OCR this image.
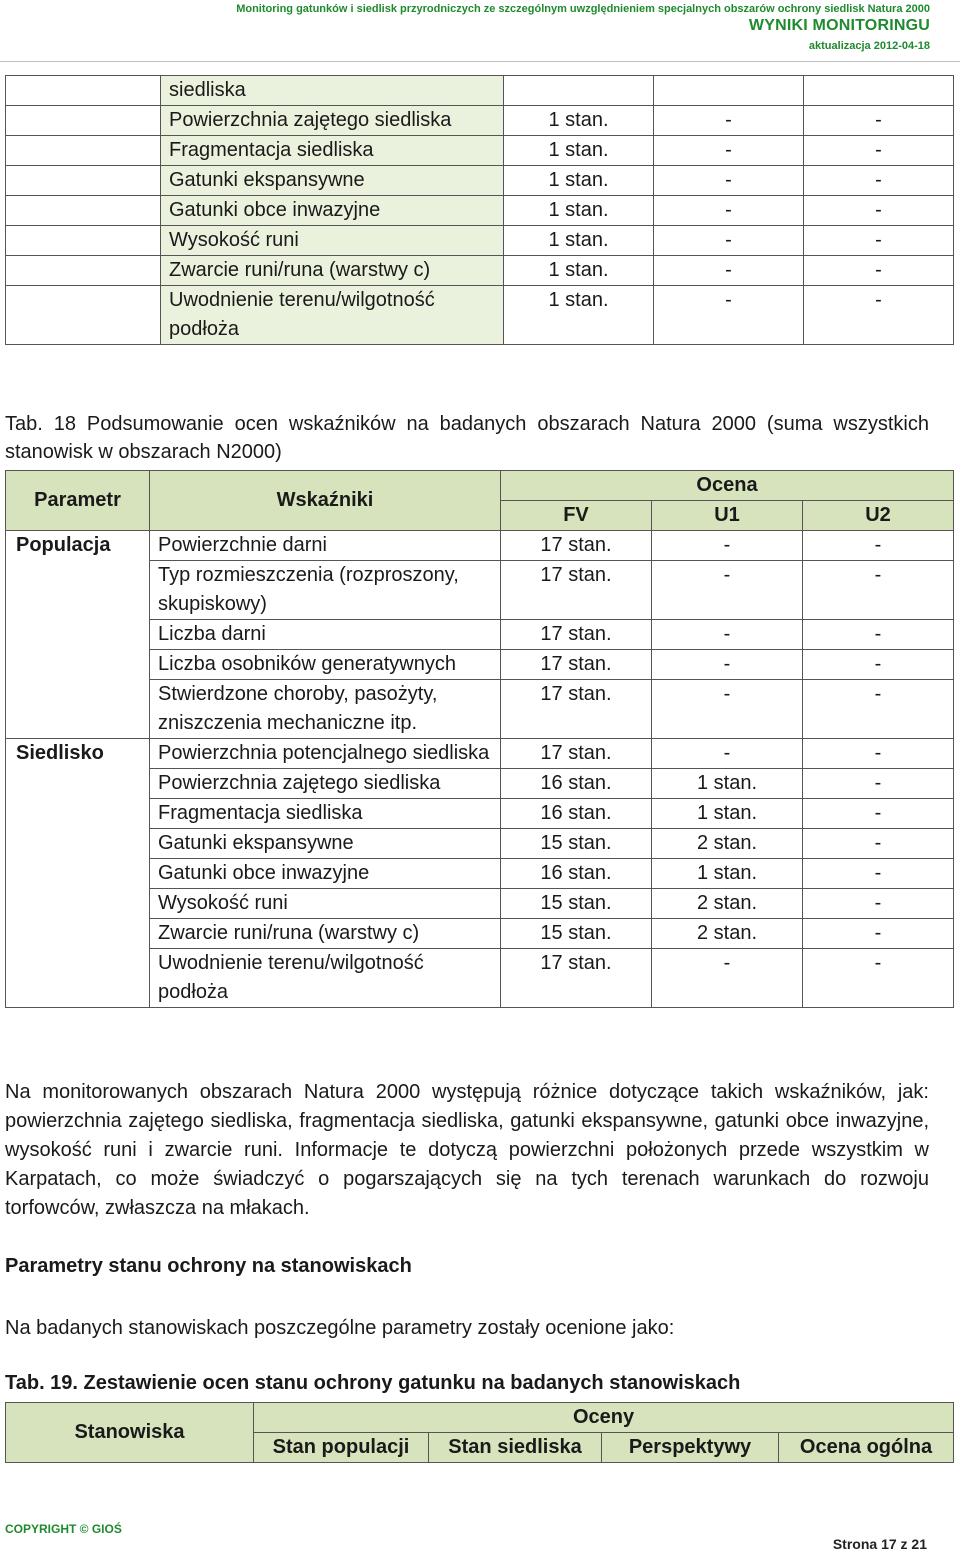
Monitoring gatunków i siedlisk przyrodniczych ze szczególnym uwzględnieniem specjalnych obszarów ochrony siedlisk Natura 2000
WYNIKI MONITORINGU
aktualizacja 2012-04-18
	siedliska			
	Powierzchnia zajętego siedliska	1 stan.	-	-
	Fragmentacja siedliska	1 stan.	-	-
	Gatunki ekspansywne	1 stan.	-	-
	Gatunki obce inwazyjne	1 stan.	-	-
	Wysokość runi	1 stan.	-	-
	Zwarcie runi/runa (warstwy c)	1 stan.	-	-
	Uwodnienie terenu/wilgotność podłoża	1 stan.	-	-
Tab. 18 Podsumowanie ocen wskaźników na badanych obszarach Natura 2000 (suma wszystkich stanowisk w obszarach N2000)
Parametr	Wskaźniki	Ocena		
		FV	U1	U2
Populacja	Powierzchnie darni	17 stan.	-	-
	Typ rozmieszczenia (rozproszony, skupiskowy)	17 stan.	-	-
	Liczba darni	17 stan.	-	-
	Liczba osobników generatywnych	17 stan.	-	-
	Stwierdzone choroby, pasożyty, zniszczenia mechaniczne itp.	17 stan.	-	-
Siedlisko	Powierzchnia potencjalnego siedliska	17 stan.	-	-
	Powierzchnia zajętego siedliska	16 stan.	1 stan.	-
	Fragmentacja siedliska	16 stan.	1 stan.	-
	Gatunki ekspansywne	15 stan.	2 stan.	-
	Gatunki obce inwazyjne	16 stan.	1 stan.	-
	Wysokość runi	15 stan.	2 stan.	-
	Zwarcie runi/runa (warstwy c)	15 stan.	2 stan.	-
	Uwodnienie terenu/wilgotność podłoża	17 stan.	-	-
Na monitorowanych obszarach Natura 2000 występują różnice dotyczące takich wskaźników, jak: powierzchnia zajętego siedliska, fragmentacja siedliska, gatunki ekspansywne, gatunki obce inwazyjne, wysokość runi i zwarcie runi. Informacje te dotyczą powierzchni położonych przede wszystkim w Karpatach, co może świadczyć o pogarszających się na tych terenach warunkach do rozwoju torfowców, zwłaszcza na młakach.
Parametry stanu ochrony na stanowiskach
Na badanych stanowiskach poszczególne parametry zostały ocenione jako:
Tab. 19. Zestawienie ocen stanu ochrony gatunku na badanych stanowiskach
Stanowiska	Oceny			
	Stan populacji	Stan siedliska	Perspektywy	Ocena ogólna
COPYRIGHT © GIOŚ
Strona 17 z 21
